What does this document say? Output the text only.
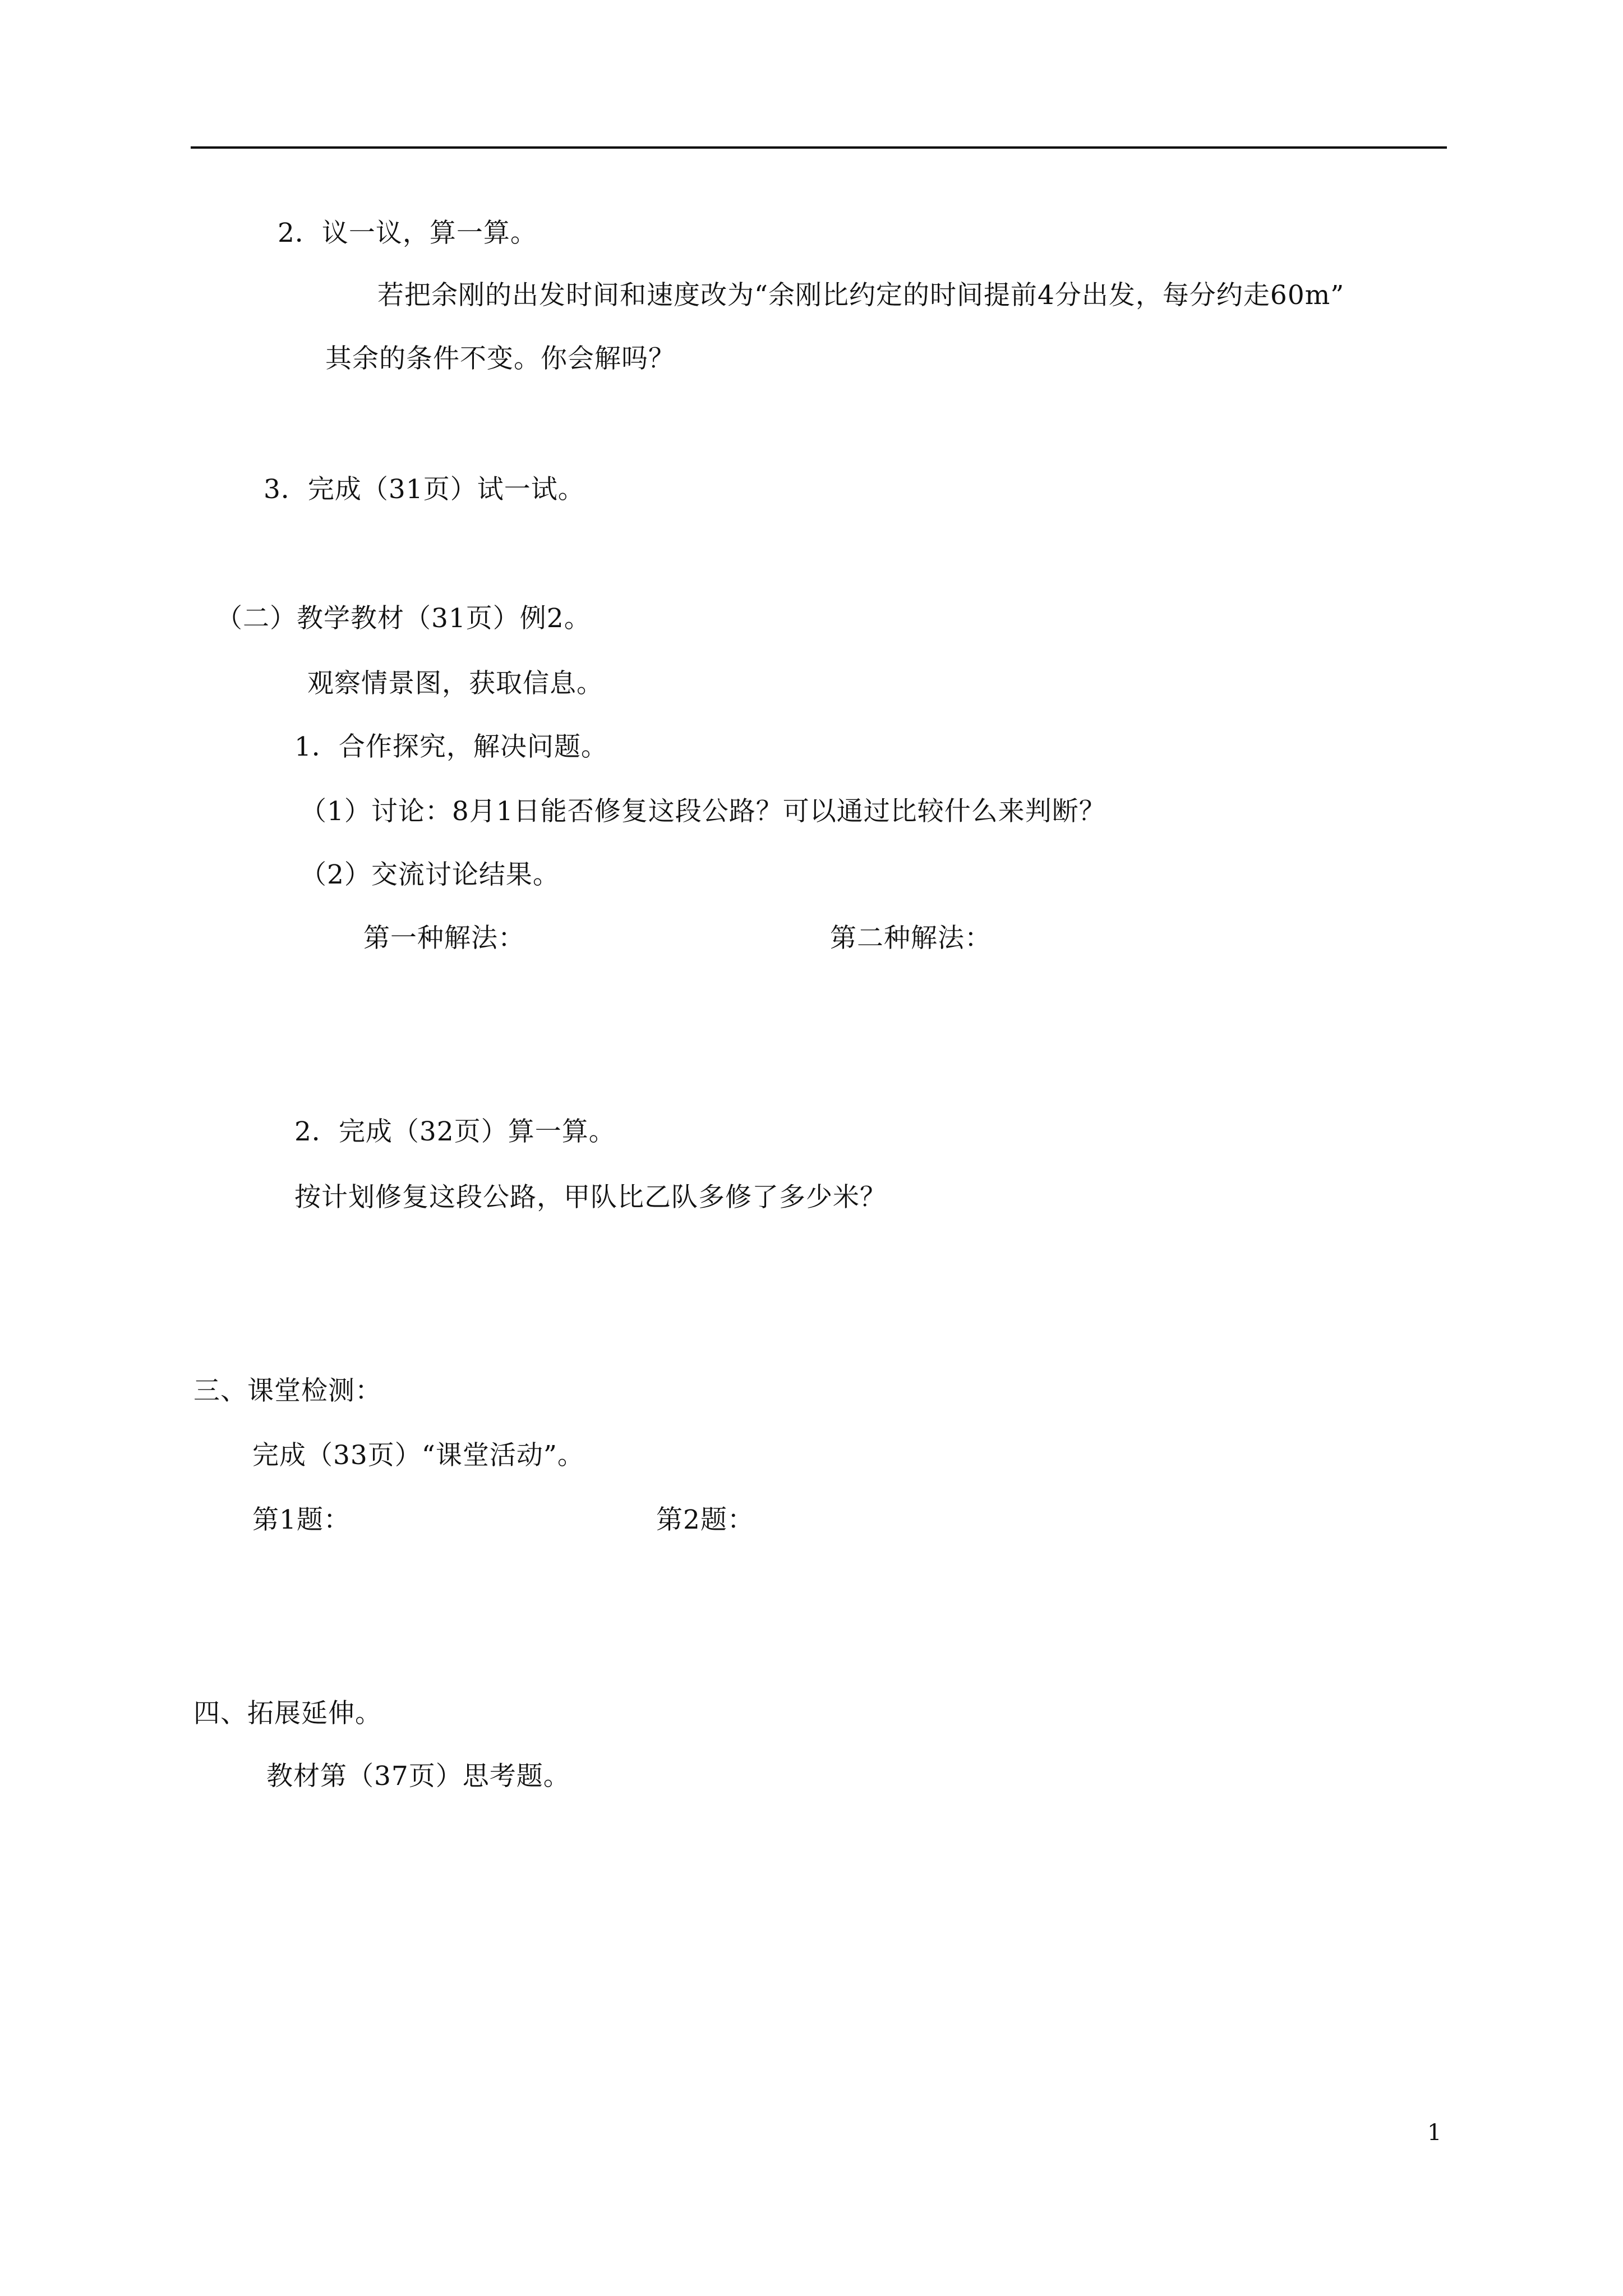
2．议一议，算一算。
若把余刚的出发时间和速度改为“余刚比约定的时间提前4分出发，每分约走60m”
其余的条件不变。你会解吗？
3．完成（31页）试一试。
（二）教学教材（31页）例2。
观察情景图，获取信息。
1．合作探究，解决问题。
（1）讨论：8月1日能否修复这段公路？可以通过比较什么来判断？
（2）交流讨论结果。
第一种解法：	第二种解法：
2．完成（32页）算一算。
按计划修复这段公路，甲队比乙队多修了多少米？
三、课堂检测：
完成（33页）“课堂活动”。
第1题：	第2题：
四、拓展延伸。
教材第（37页）思考题。
1
